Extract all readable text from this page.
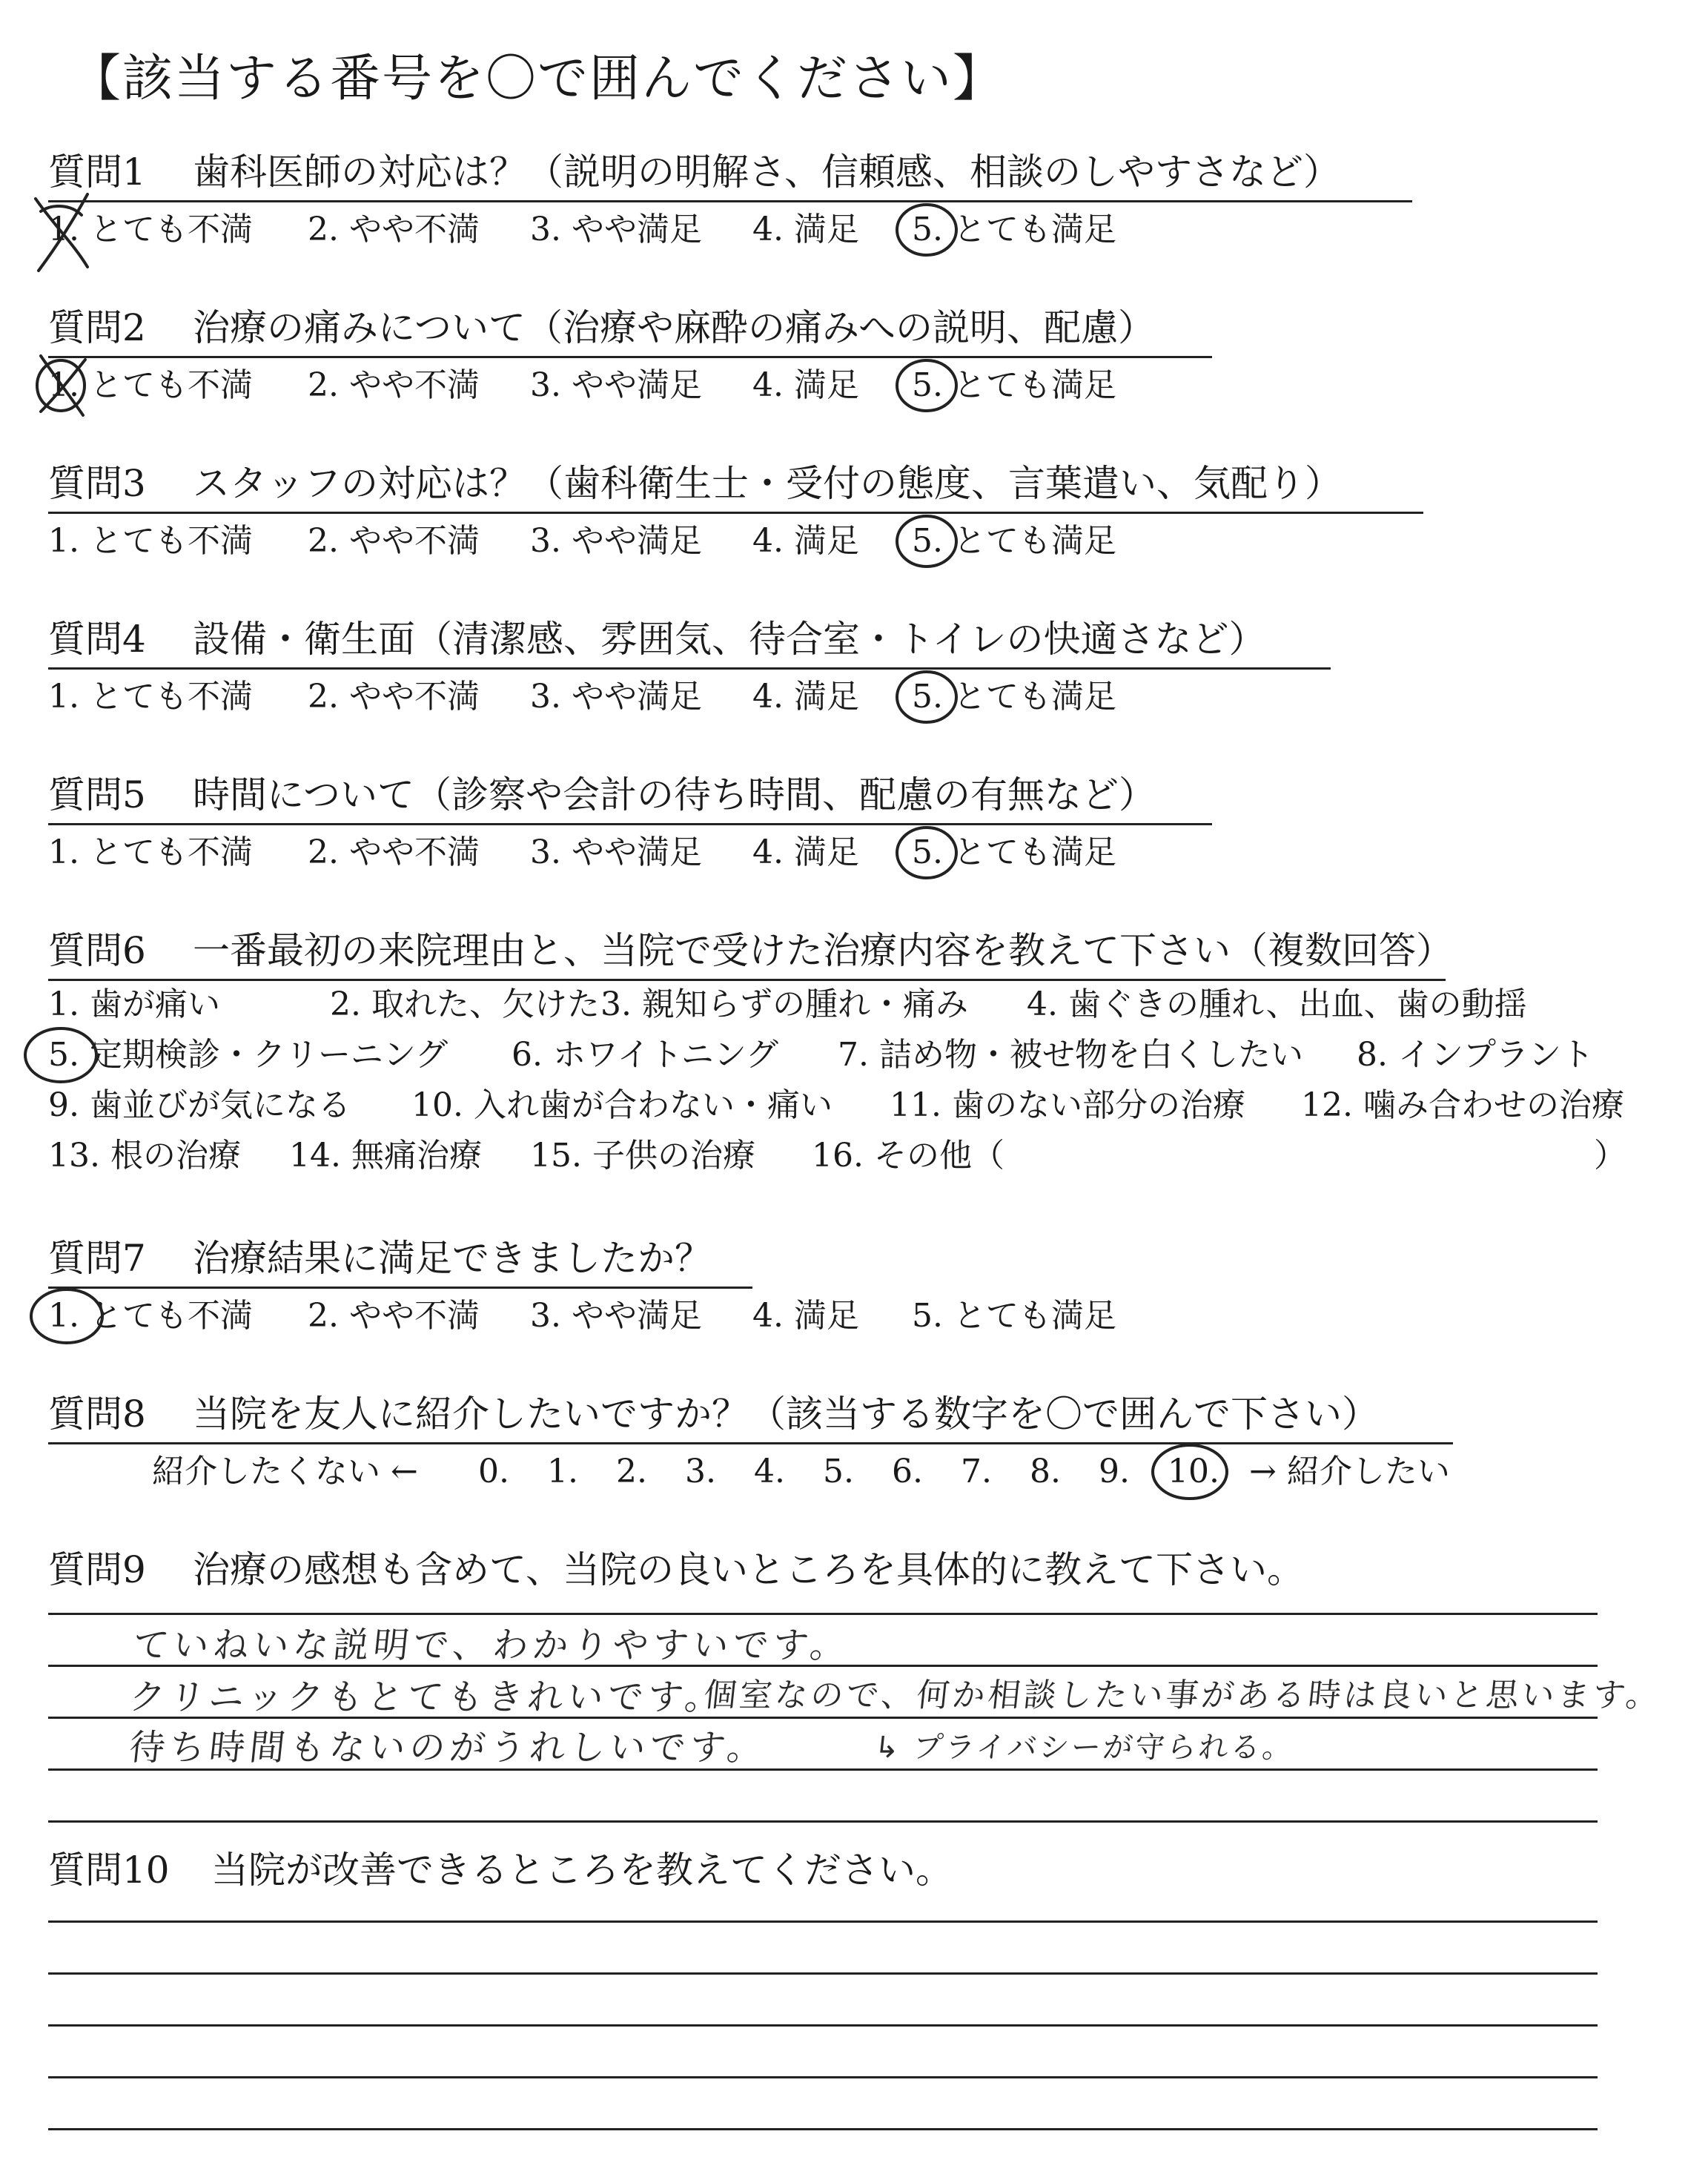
【該当する番号を〇で囲んでください】
質問1 歯科医師の対応は？（説明の明解さ、信頼感、相談のしやすさなど）
1. とても不満 2. やや不満 3. やや満足 4. 満足 5. とても満足
質問2 治療の痛みについて（治療や麻酔の痛みへの説明、配慮）
1. とても不満 2. やや不満 3. やや満足 4. 満足 5. とても満足
質問3 スタッフの対応は？（歯科衛生士・受付の態度、言葉遣い、気配り）
1. とても不満 2. やや不満 3. やや満足 4. 満足 5. とても満足
質問4 設備・衛生面（清潔感、雰囲気、待合室・トイレの快適さなど）
1. とても不満 2. やや不満 3. やや満足 4. 満足 5. とても満足
質問5 時間について（診察や会計の待ち時間、配慮の有無など）
1. とても不満 2. やや不満 3. やや満足 4. 満足 5. とても満足
質問6 一番最初の来院理由と、当院で受けた治療内容を教えて下さい（複数回答）
1. 歯が痛い	2. 取れた、欠けた 3. 親知らずの腫れ・痛み 4. 歯ぐきの腫れ、出血、歯の動揺
5. 定期検診・クリーニング 6. ホワイトニング 7. 詰め物・被せ物を白くしたい 8. インプラント
9. 歯並びが気になる 10. 入れ歯が合わない・痛い 11. 歯のない部分の治療 12. 噛み合わせの治療
13. 根の治療 14. 無痛治療 15. 子供の治療 16. その他（	）
質問7 治療結果に満足できましたか？
1. とても不満 2. やや不満 3. やや満足 4. 満足 5. とても満足
質問8 当院を友人に紹介したいですか？（該当する数字を〇で囲んで下さい）
紹介したくない ← 0. 1. 2. 3. 4. 5. 6. 7. 8. 9. 10. → 紹介したい
質問9 治療の感想も含めて、当院の良いところを具体的に教えて下さい。
ていねいな説明で、わかりやすいです。
クリニックもとてもきれいです。
個室なので、何か相談したい事がある時は良いと思います。
待ち時間もないのがうれしいです。	↳ プライバシーが守られる。
質問10 当院が改善できるところを教えてください。
